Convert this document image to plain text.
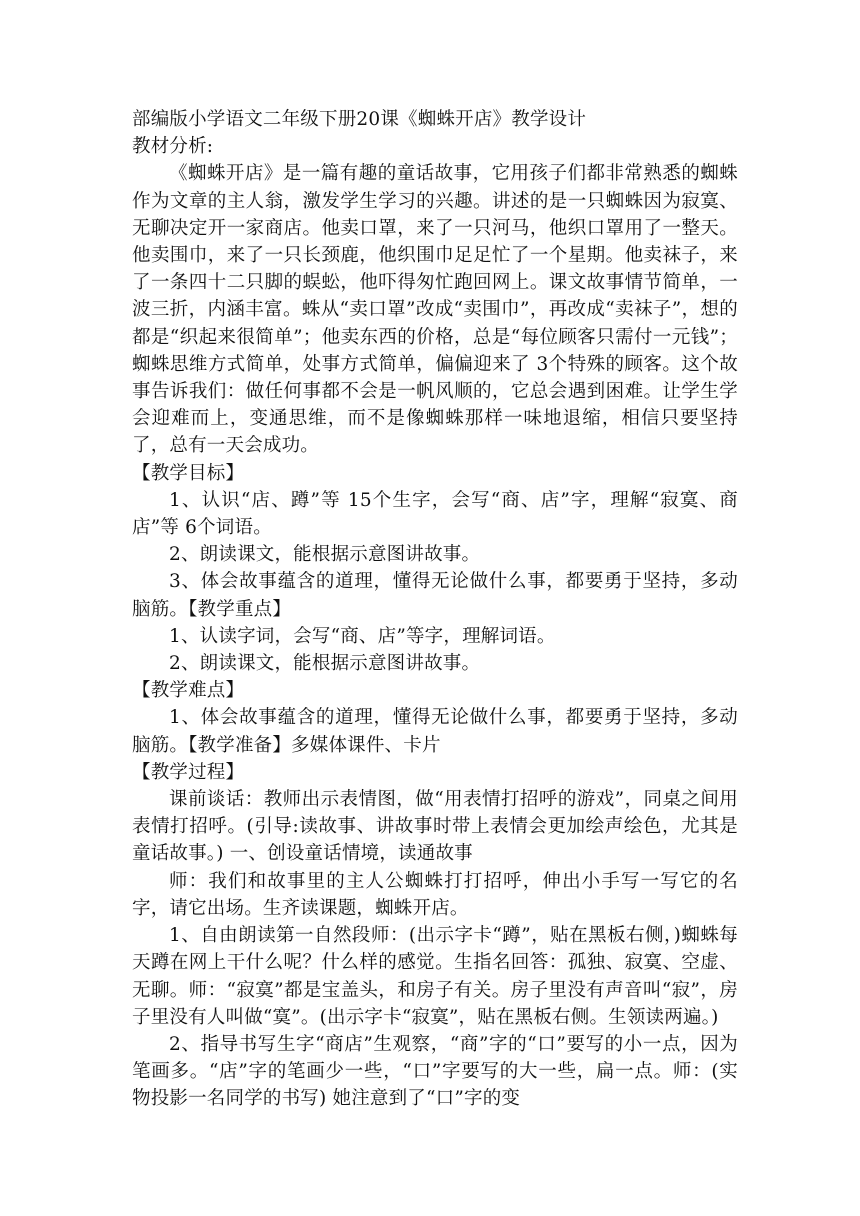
部编版小学语文二年级下册20课《蜘蛛开店》教学设计

教材分析:

《蜘蛛开店》是一篇有趣的童话故事，它用孩子们都非常熟悉的蜘蛛作为文章的主人翁，激发学生学习的兴趣。讲述的是一只蜘蛛因为寂寞、无聊决定开一家商店。他卖口罩，来了一只河马，他织口罩用了一整天。他卖围巾，来了一只长颈鹿，他织围巾足足忙了一个星期。他卖袜子，来了一条四十二只脚的蜈蚣，他吓得匆忙跑回网上。课文故事情节简单，一波三折，内涵丰富。蛛从“卖口罩”改成“卖围巾”，再改成“卖袜子”，想的都是“织起来很简单”；他卖东西的价格，总是“每位顾客只需付一元钱”；蜘蛛思维方式简单，处事方式简单，偏偏迎来了 3个特殊的顾客。这个故事告诉我们：做任何事都不会是一帆风顺的，它总会遇到困难。让学生学会迎难而上，变通思维，而不是像蜘蛛那样一味地退缩，相信只要坚持了，总有一天会成功。

【教学目标】

1、认识“店、蹲”等 15个生字，会写“商、店”字，理解“寂寞、商店”等 6个词语。

2、朗读课文，能根据示意图讲故事。

3、体会故事蕴含的道理，懂得无论做什么事，都要勇于坚持，多动脑筋。【教学重点】

1、认读字词，会写“商、店”等字，理解词语。

2、朗读课文，能根据示意图讲故事。

【教学难点】

1、体会故事蕴含的道理，懂得无论做什么事，都要勇于坚持，多动脑筋。【教学准备】多媒体课件、卡片

【教学过程】

课前谈话：教师出示表情图，做“用表情打招呼的游戏”，同桌之间用表情打招呼。(引导:读故事、讲故事时带上表情会更加绘声绘色，尤其是童话故事。) 一、创设童话情境，读通故事

师：我们和故事里的主人公蜘蛛打打招呼，伸出小手写一写它的名字，请它出场。生齐读课题，蜘蛛开店。

1、自由朗读第一自然段师：(出示字卡“蹲”，贴在黑板右侧，)蜘蛛每天蹲在网上干什么呢？什么样的感觉。生指名回答：孤独、寂寞、空虚、无聊。师：“寂寞”都是宝盖头，和房子有关。房子里没有声音叫“寂”，房子里没有人叫做“寞”。(出示字卡“寂寞”，贴在黑板右侧。生领读两遍。)

2、指导书写生字“商店”生观察，“商”字的“口”要写的小一点，因为笔画多。“店”字的笔画少一些，“口”字要写的大一些，扁一点。师：(实物投影一名同学的书写) 她注意到了“口”字的变
